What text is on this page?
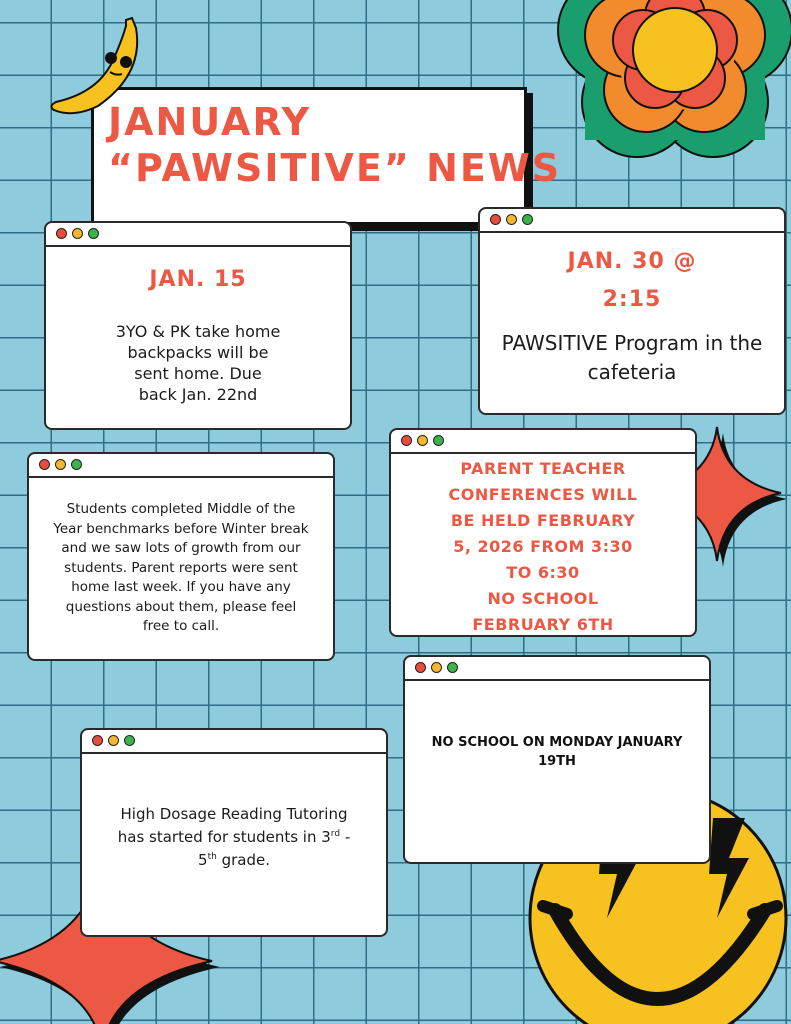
JANUARY
“PAWSITIVE” NEWS
JAN. 15
3YO & PK take home
backpacks will be
sent home. Due
back Jan. 22nd
JAN. 30 @
2:15
PAWSITIVE Program in the
cafeteria
Students completed Middle of the
Year benchmarks before Winter break
and we saw lots of growth from our
students. Parent reports were sent
home last week. If you have any
questions about them, please feel
free to call.
PARENT TEACHER
CONFERENCES WILL
BE HELD FEBRUARY
5, 2026 FROM 3:30
TO 6:30
NO SCHOOL
FEBRUARY 6TH
NO SCHOOL ON MONDAY JANUARY
19TH
High Dosage Reading Tutoring
has started for students in 3rd -
5th grade.
